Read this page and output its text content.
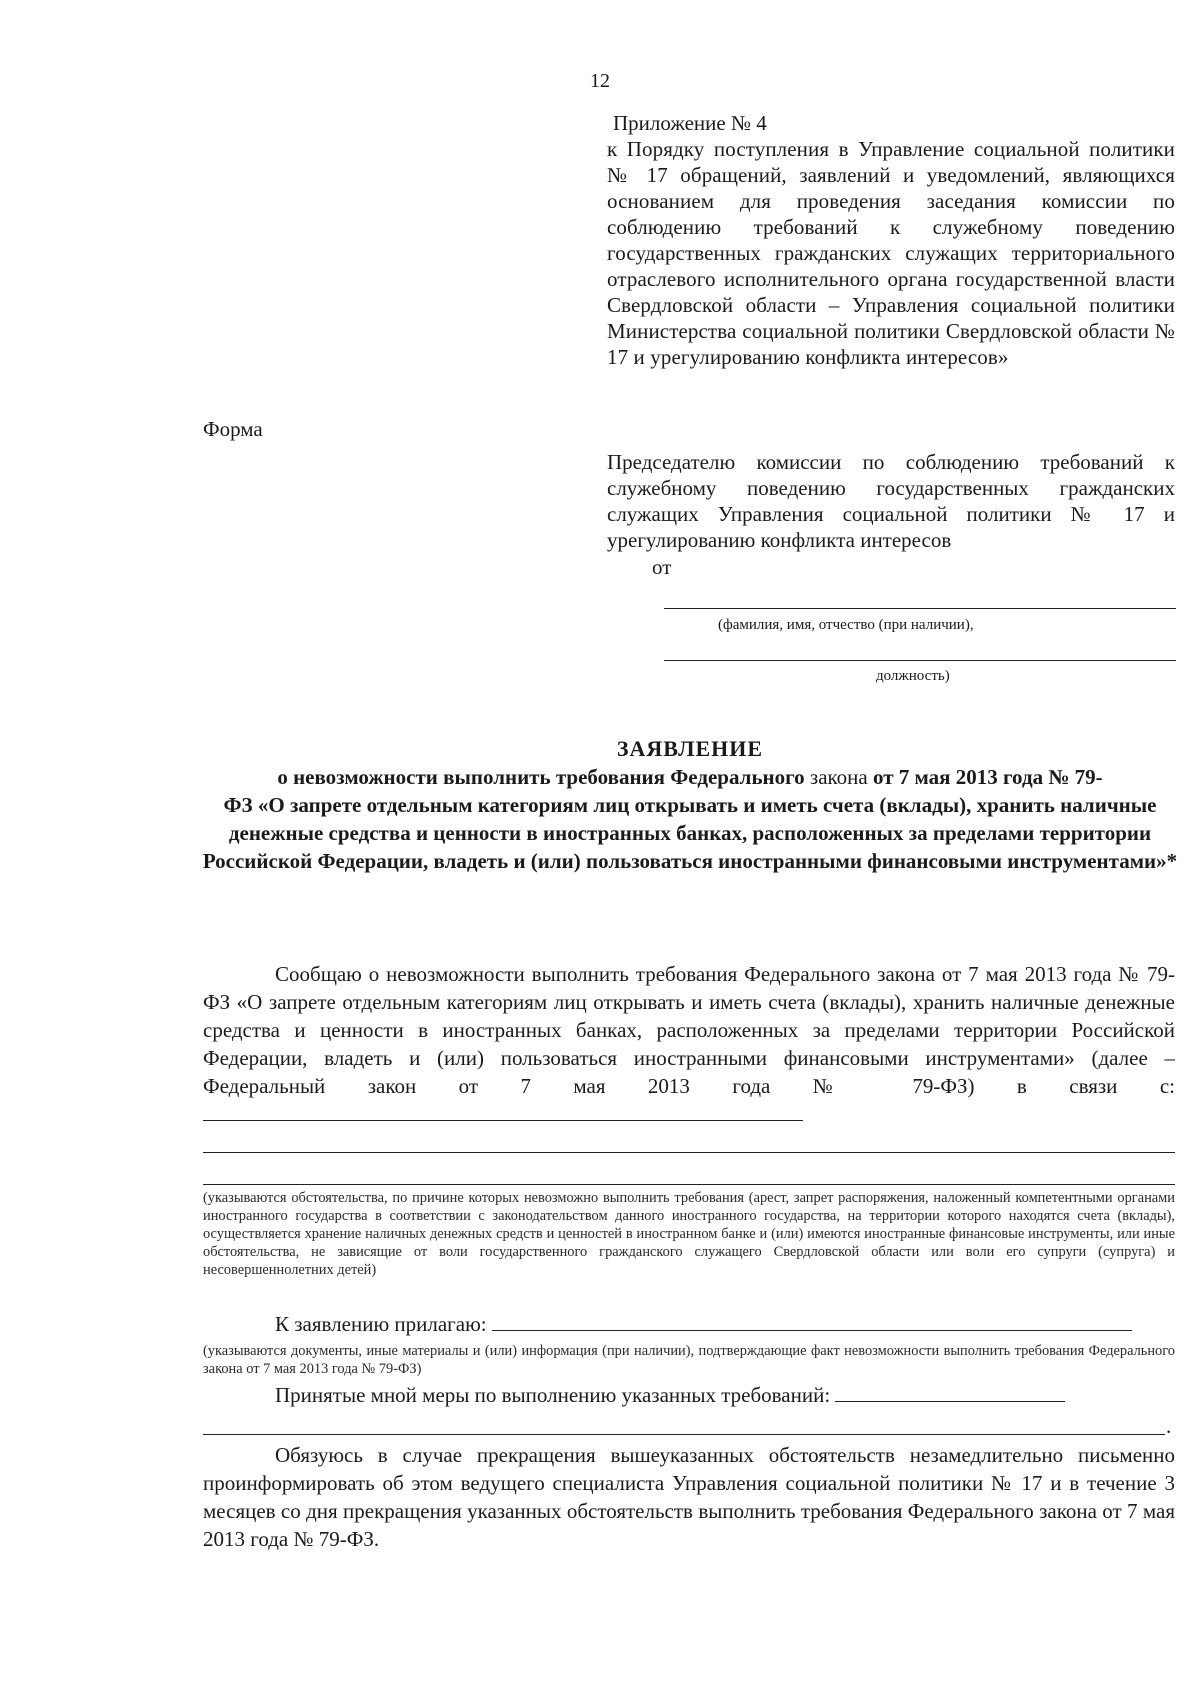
12
Приложение № 4
к Порядку поступления в Управление социальной политики № 17 обращений, заявлений и уведомлений, являющихся основанием для проведения заседания комиссии по соблюдению требований к служебному поведению государственных гражданских служащих территориального отраслевого исполнительного органа государственной власти Свердловской области – Управления социальной политики Министерства социальной политики Свердловской области № 17 и урегулированию конфликта интересов»
Форма
Председателю комиссии по соблюдению требований к служебному поведению государственных гражданских служащих Управления социальной политики № 17 и урегулированию конфликта интересов
от
(фамилия, имя, отчество (при наличии),
должность)
ЗАЯВЛЕНИЕ
о невозможности выполнить требования Федерального закона от 7 мая 2013 года № 79-
ФЗ «О запрете отдельным категориям лиц открывать и иметь счета (вклады), хранить наличные денежные средства и ценности в иностранных банках, расположенных за пределами территории Российской Федерации, владеть и (или) пользоваться иностранными финансовыми инструментами»*
Сообщаю о невозможности выполнить требования Федерального закона от 7 мая 2013 года № 79-ФЗ «О запрете отдельным категориям лиц открывать и иметь счета (вклады), хранить наличные денежные средства и ценности в иностранных банках, расположенных за пределами территории Российской Федерации, владеть и (или) пользоваться иностранными финансовыми инструментами» (далее – Федеральный закон от 7 мая 2013 года № 79-ФЗ) в связи с:
(указываются обстоятельства, по причине которых невозможно выполнить требования (арест, запрет распоряжения, наложенный компетентными органами иностранного государства в соответствии с законодательством данного иностранного государства, на территории которого находятся счета (вклады), осуществляется хранение наличных денежных средств и ценностей в иностранном банке и (или) имеются иностранные финансовые инструменты, или иные обстоятельства, не зависящие от воли государственного гражданского служащего Свердловской области или воли его супруги (супруга) и несовершеннолетних детей)
К заявлению прилагаю:
(указываются документы, иные материалы и (или) информация (при наличии), подтверждающие факт невозможности выполнить требования Федерального закона от 7 мая 2013 года № 79-ФЗ)
Принятые мной меры по выполнению указанных требований:
.
Обязуюсь в случае прекращения вышеуказанных обстоятельств незамедлительно письменно проинформировать об этом ведущего специалиста Управления социальной политики № 17 и в течение 3 месяцев со дня прекращения указанных обстоятельств выполнить требования Федерального закона от 7 мая 2013 года № 79-ФЗ.
